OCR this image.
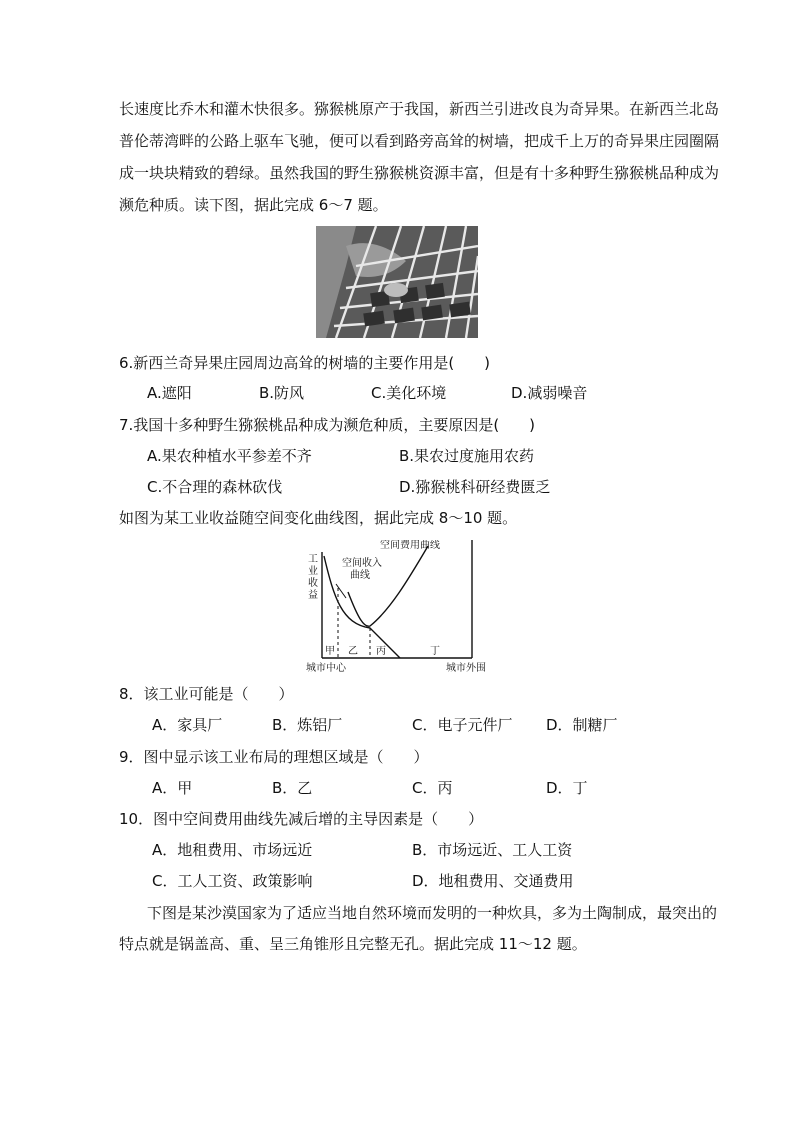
长速度比乔木和灌木快很多。猕猴桃原产于我国，新西兰引进改良为奇异果。在新西兰北岛
普伦蒂湾畔的公路上驱车飞驰，便可以看到路旁高耸的树墙，把成千上万的奇异果庄园圈隔
成一块块精致的碧绿。虽然我国的野生猕猴桃资源丰富，但是有十多种野生猕猴桃品种成为
濒危种质。读下图，据此完成 6～7 题。
6.新西兰奇异果庄园周边高耸的树墙的主要作用是(　　)
A.遮阳	B.防风	C.美化环境	D.减弱噪音
7.我国十多种野生猕猴桃品种成为濒危种质，主要原因是(　　)
A.果农种植水平参差不齐	B.果农过度施用农药
C.不合理的森林砍伐	D.猕猴桃科研经费匮乏
如图为某工业收益随空间变化曲线图，据此完成 8～10 题。
工
业
收
益
空间费用曲线
空间收入
曲线
甲 乙 丙	丁
城市中心	城市外围
8．该工业可能是（　　）
A．家具厂	B．炼铝厂	C．电子元件厂 D．制糖厂
9．图中显示该工业布局的理想区域是（　　）
A．甲	B．乙	C．丙	D．丁
10．图中空间费用曲线先减后增的主导因素是（　　）
A．地租费用、市场远近	B．市场远近、工人工资
C．工人工资、政策影响	D．地租费用、交通费用
下图是某沙漠国家为了适应当地自然环境而发明的一种炊具，多为土陶制成，最突出的
特点就是锅盖高、重、呈三角锥形且完整无孔。据此完成 11～12 题。
